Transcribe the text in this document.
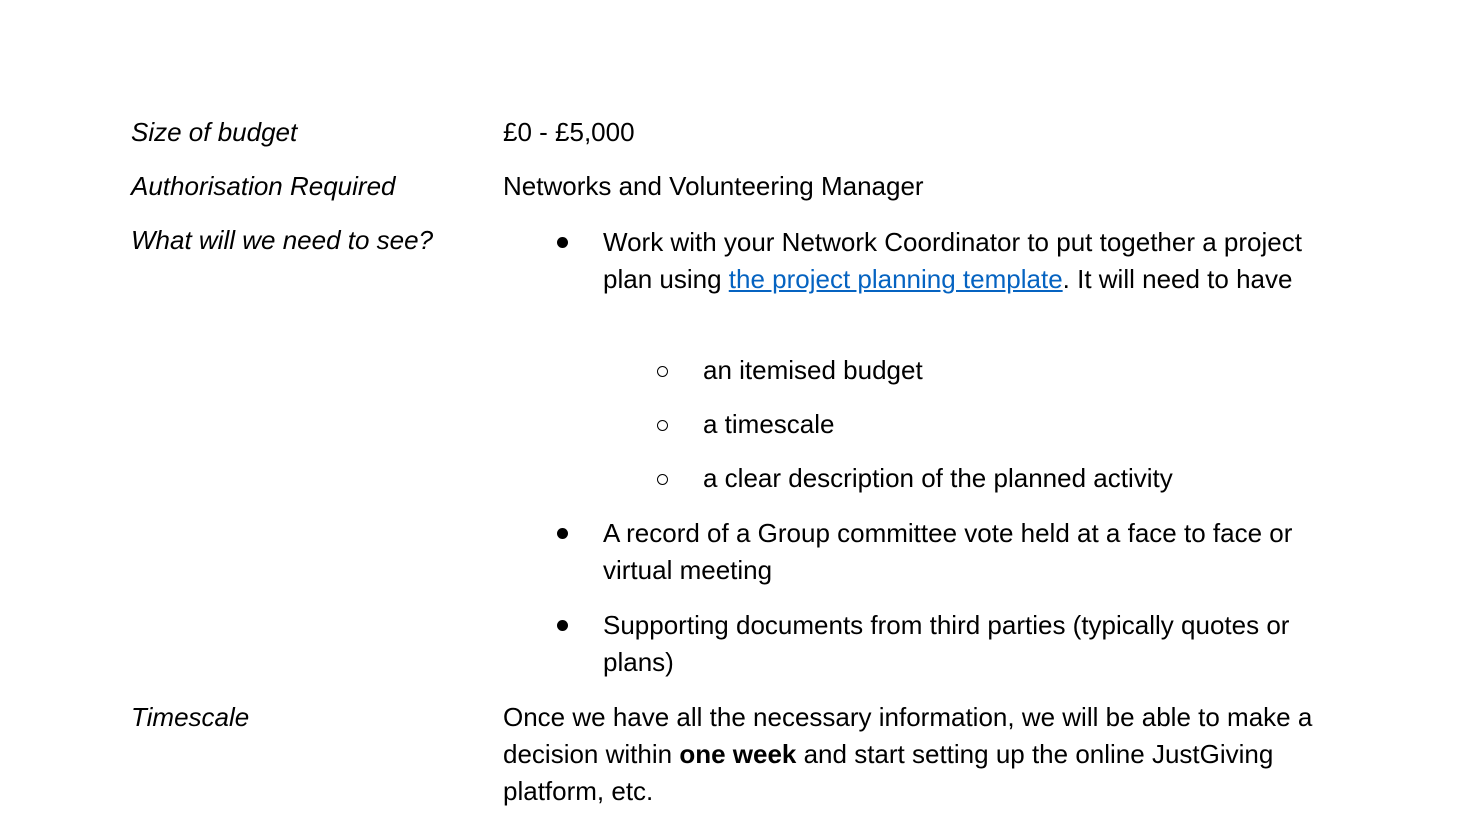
Size of budget	£0 - £5,000
Authorisation Required	Networks and Volunteering Manager
What will we need to see?	Work with your Network Coordinator to put together a project plan using the project planning template. It will need to have
an itemised budget
a timescale
a clear description of the planned activity
A record of a Group committee vote held at a face to face or virtual meeting
Supporting documents from third parties (typically quotes or plans)
Timescale	Once we have all the necessary information, we will be able to make a decision within one week and start setting up the online JustGiving platform, etc.
